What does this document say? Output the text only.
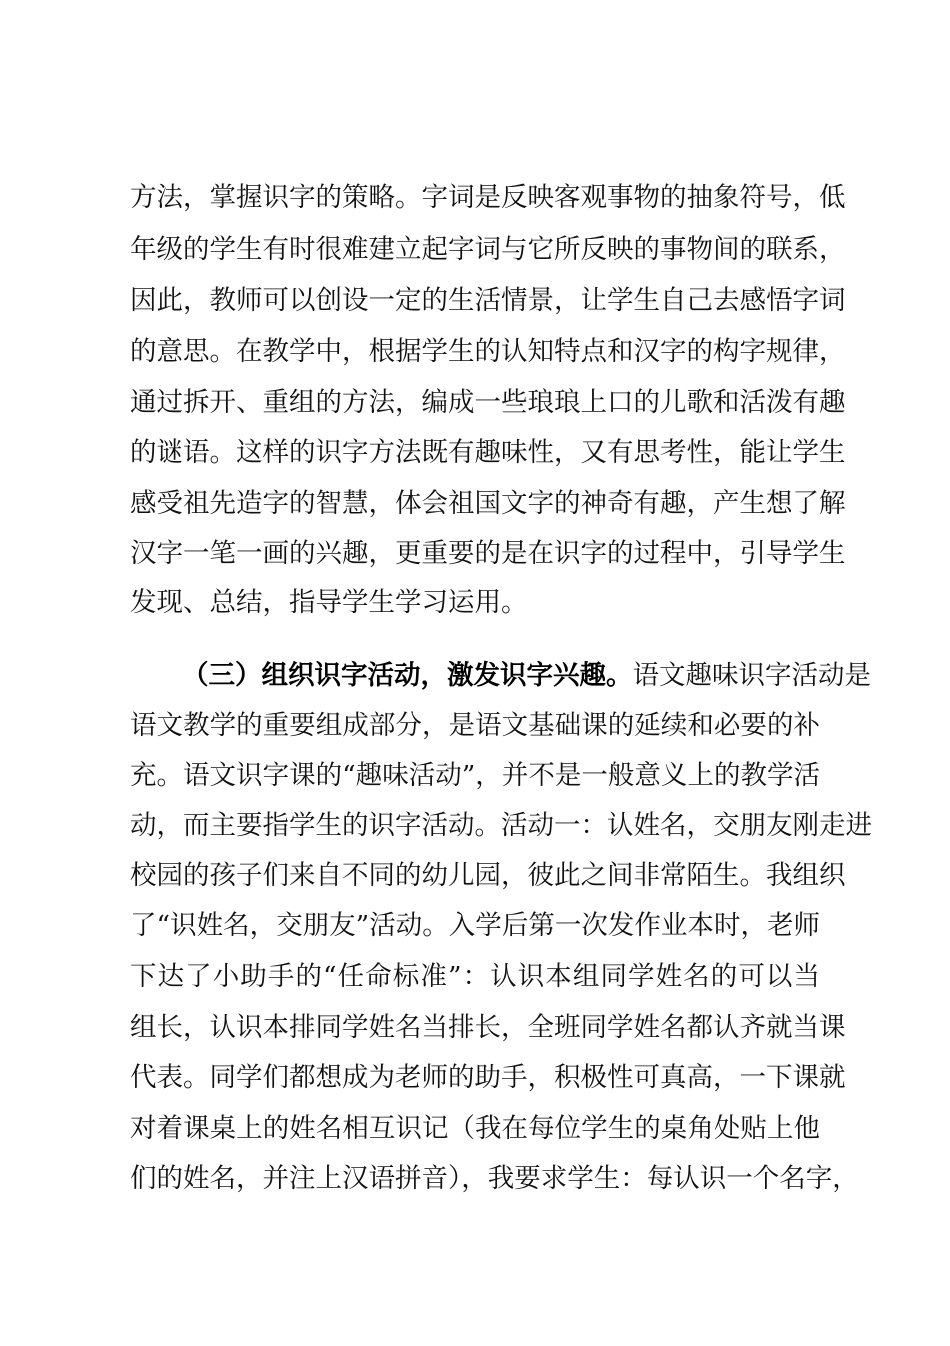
方法，掌握识字的策略。字词是反映客观事物的抽象符号，低
年级的学生有时很难建立起字词与它所反映的事物间的联系，
因此，教师可以创设一定的生活情景，让学生自己去感悟字词
的意思。在教学中，根据学生的认知特点和汉字的构字规律，
通过拆开、重组的方法，编成一些琅琅上口的儿歌和活泼有趣
的谜语。这样的识字方法既有趣味性，又有思考性，能让学生
感受祖先造字的智慧，体会祖国文字的神奇有趣，产生想了解
汉字一笔一画的兴趣，更重要的是在识字的过程中，引导学生
发现、总结，指导学生学习运用。
（三）组织识字活动，激发识字兴趣。语文趣味识字活动是
语文教学的重要组成部分，是语文基础课的延续和必要的补
充。语文识字课的“趣味活动”，并不是一般意义上的教学活
动，而主要指学生的识字活动。活动一：认姓名，交朋友刚走进
校园的孩子们来自不同的幼儿园，彼此之间非常陌生。我组织
了“识姓名，交朋友”活动。入学后第一次发作业本时，老师
下达了小助手的“任命标准”：认识本组同学姓名的可以当
组长，认识本排同学姓名当排长，全班同学姓名都认齐就当课
代表。同学们都想成为老师的助手，积极性可真高，一下课就
对着课桌上的姓名相互识记（我在每位学生的桌角处贴上他
们的姓名，并注上汉语拼音），我要求学生：每认识一个名字，
